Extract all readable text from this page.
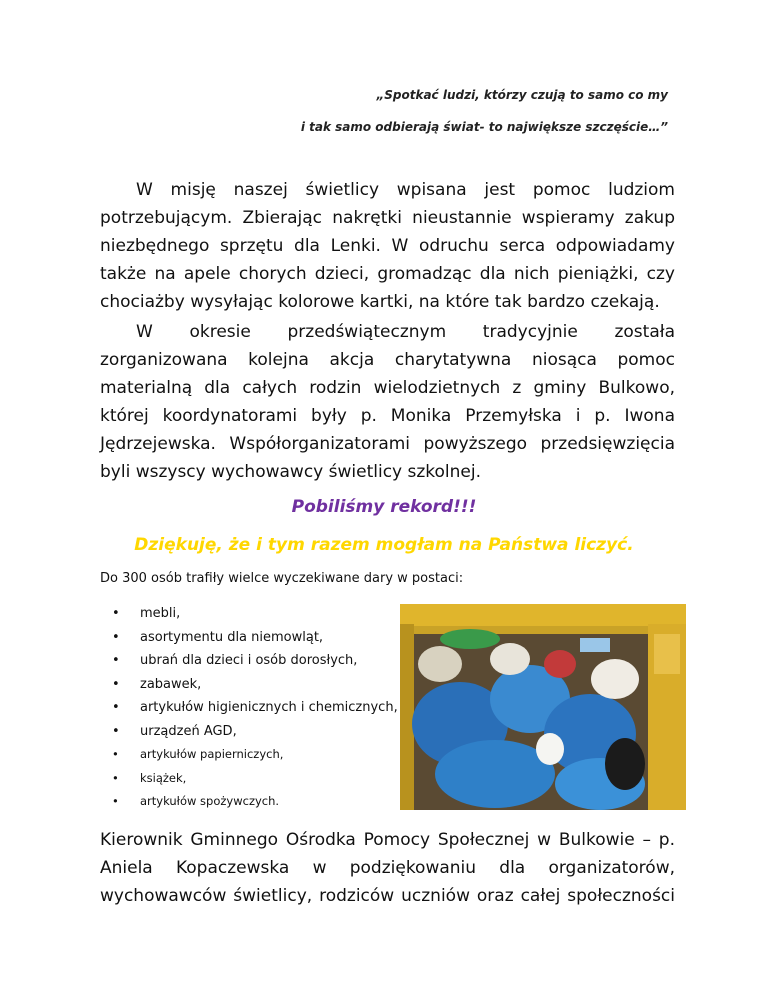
„Spotkać ludzi, którzy czują to samo co my
i tak samo odbierają świat- to największe szczęście…”

W misję naszej świetlicy wpisana jest pomoc ludziom potrzebującym. Zbierając nakrętki nieustannie wspieramy zakup niezbędnego sprzętu dla Lenki. W odruchu serca odpowiadamy także na apele chorych dzieci, gromadząc dla nich pieniążki, czy chociażby wysyłając kolorowe kartki, na które tak bardzo czekają.

W okresie przedświątecznym tradycyjnie została zorganizowana kolejna akcja charytatywna niosąca pomoc materialną dla całych rodzin wielodzietnych z gminy Bulkowo, której koordynatorami były p. Monika Przemyłska i p. Iwona Jędrzejewska. Współorganizatorami powyższego przedsięwzięcia byli wszyscy wychowawcy świetlicy szkolnej.

Pobiliśmy rekord!!!
Dziękuję, że i tym razem mogłam na Państwa liczyć.

Do 300 osób trafiły wielce wyczekiwane dary w postaci:

• mebli,
• asortymentu dla niemowląt,
• ubrań dla dzieci i osób dorosłych,
• zabawek,
• artykułów higienicznych i chemicznych,
• urządzeń AGD,
• artykułów papierniczych,
• książek,
• artykułów spożywczych.

Kierownik Gminnego Ośrodka Pomocy Społecznej w Bulkowie – p. Aniela Kopaczewska w podziękowaniu dla organizatorów, wychowawców świetlicy, rodziców uczniów oraz całej społeczności
